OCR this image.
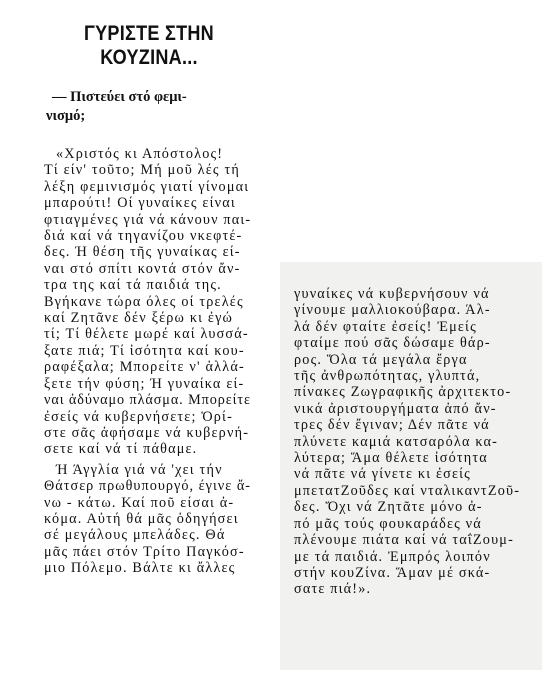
ΓΥΡΙΣΤΕ ΣΤΗΝ
ΚΟΥΖΙΝΑ...

— Πιστεύει στό φεμι-
νισμό;

«Χριστός κι Απόστολος!
Τί είν' τοῦτο; Μή μοῦ λές τή
λέξη φεμινισμός γιατί γίνομαι
μπαρούτι! Οί γυναίκες είναι
φτιαγμένες γιά νά κάνουν παι-
διά καί νά τηγανίζου νκεφτέ-
δες. Ή θέση τῆς γυναίκας εί-
ναι στό σπίτι κοντά στόν ἄν-
τρα της καί τά παιδιά της.
Βγήκανε τώρα όλες οί τρελές
καί Ζητᾶνε δέν ξέρω κι ἐγώ
τί; Τί θέλετε μωρέ καί λυσσά-
ξατε πιά; Τί ἰσότητα καί κου-
ραφέξαλα; Μπορείτε ν' ἀλλά-
ξετε τήν φύση; Ή γυναίκα εί-
ναι ἀδύναμο πλάσμα. Μπορείτε
ἐσείς νά κυβερνήσετε; Ὁρί-
στε σᾶς ἀφήσαμε νά κυβερνή-
σετε καί νά τί πάθαμε.

Ή Άγγλία γιά νά 'χει τήν
Θάτσερ πρωθυπουργό, έγινε ἄ-
νω - κάτω. Καί ποῦ είσαι ἀ-
κόμα. Αὐτή θά μᾶς ὁδηγήσει
σέ μεγάλους μπελάδες. Θά
μᾶς πάει στόν Τρίτο Παγκόσ-
μιο Πόλεμο. Βάλτε κι ἄλλες

γυναίκες νά κυβερνήσουν νά
γίνουμε μαλλιοκούβαρα. Άλ-
λά δέν φταίτε ἐσείς! Ἐμείς
φταίμε πού σᾶς δώσαμε θάρ-
ρος. Ὅλα τά μεγάλα ἔργα
τῆς ἀνθρωπότητας, γλυπτά,
πίνακες Ζωγραφικῆς ἀρχιτεκτο-
νικά ἀριστουργήματα ἀπό ἄν-
τρες δέν ἔγιναν; Δέν πᾶτε νά
πλύνετε καμιά κατσαρόλα κα-
λύτερα; Ἅμα θέλετε ἰσότητα
νά πᾶτε νά γίνετε κι ἐσείς
μπετατΖοῦδες καί νταλικαντΖοῦ-
δες. Ὄχι νά Ζητᾶτε μόνο ἀ-
πό μᾶς τούς φουκαράδες νά
πλένουμε πιάτα καί νά ταΐΖουμ-
με τά παιδιά. Ἐμπρός λοιπόν
στήν κουΖίνα. Ἅμαν μέ σκά-
σατε πιά!».
